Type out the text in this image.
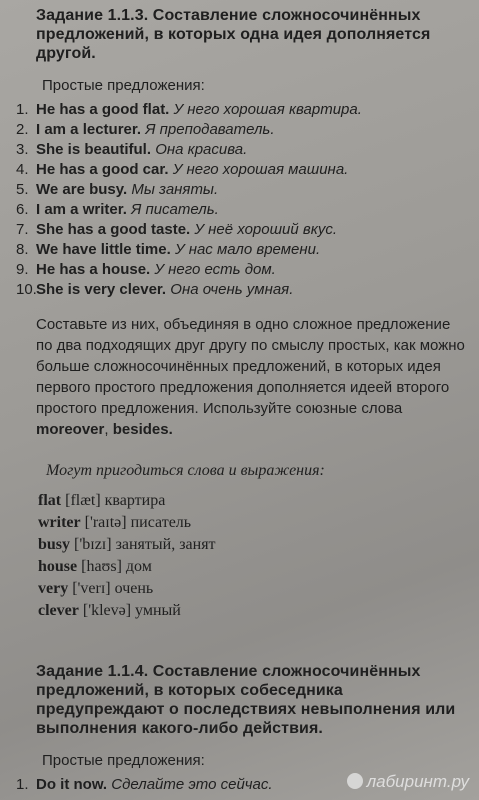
Задание 1.1.3. Составление сложносочинённых предложений, в которых одна идея дополняется другой.
Простые предложения:
1. He has a good flat. У него хорошая квартира.
2. I am a lecturer. Я преподаватель.
3. She is beautiful. Она красива.
4. He has a good car. У него хорошая машина.
5. We are busy. Мы заняты.
6. I am a writer. Я писатель.
7. She has a good taste. У неё хороший вкус.
8. We have little time. У нас мало времени.
9. He has a house. У него есть дом.
10.She is very clever. Она очень умная.

Составьте из них, объединяя в одно сложное предложение по два подходящих друг другу по смыслу простых, как можно больше сложносочинённых предложений, в которых идея первого простого предложения дополняется идеей второго простого предложения. Используйте союзные слова moreover, besides.

Могут пригодиться слова и выражения:
flat [flæt] квартира
writer ['raɪtə] писатель
busy ['bɪzɪ] занятый, занят
house [haʊs] дом
very ['verɪ] очень
clever ['klevə] умный
Задание 1.1.4. Составление сложносочинённых предложений, в которых собеседника предупреждают о последствиях невыполнения или выполнения какого-либо действия.
Простые предложения:
1. Do it now. Сделайте это сейчас.	лабиринт.ру
